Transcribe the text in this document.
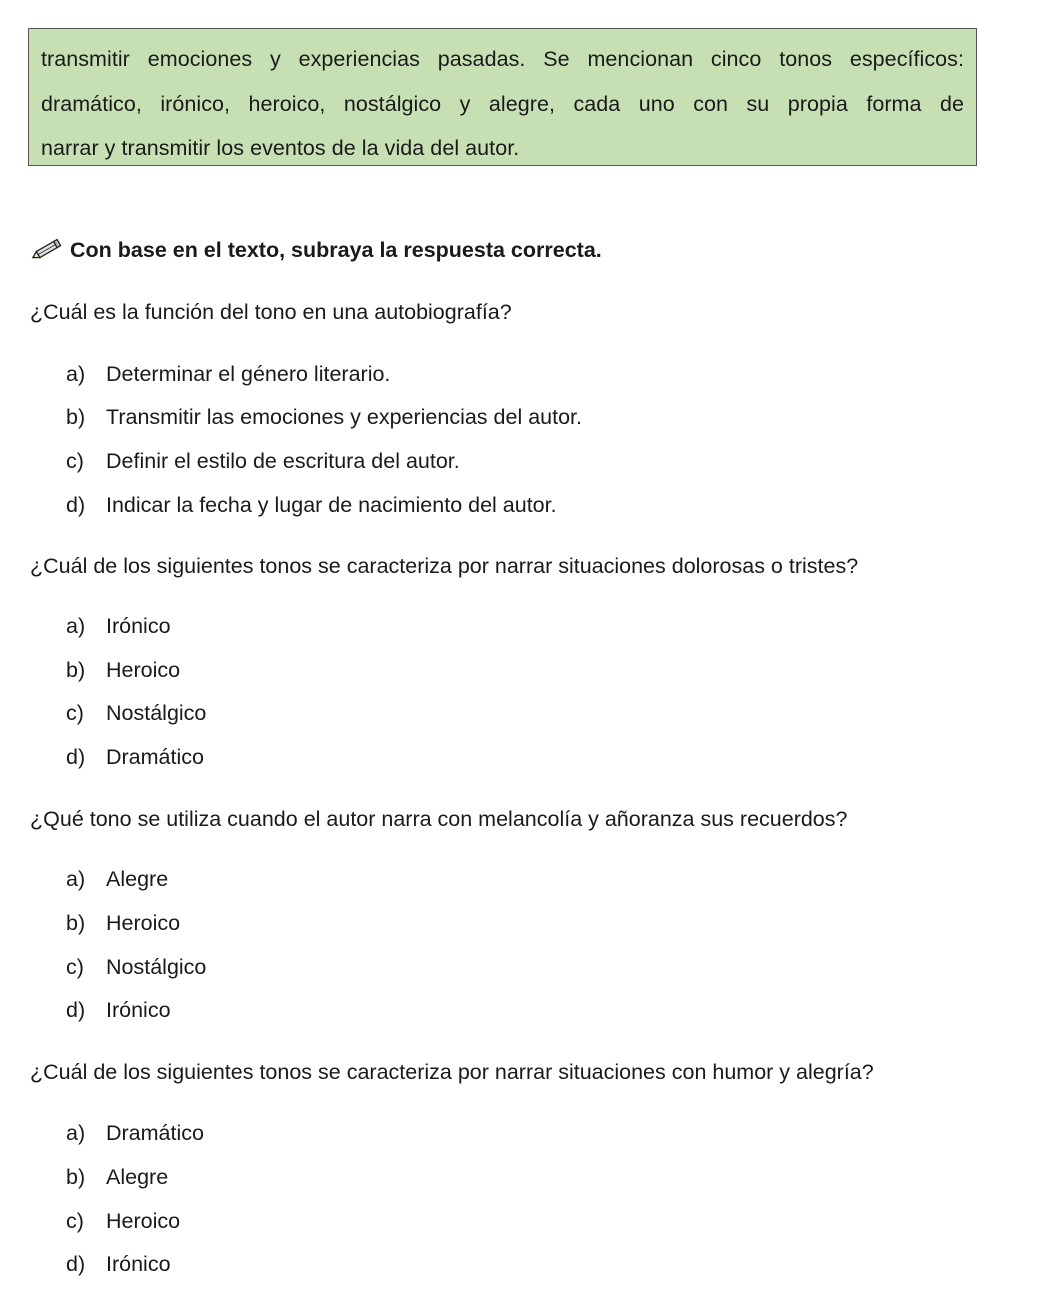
transmitir emociones y experiencias pasadas. Se mencionan cinco tonos específicos:
dramático, irónico, heroico, nostálgico y alegre, cada uno con su propia forma de
narrar y transmitir los eventos de la vida del autor.
Con base en el texto, subraya la respuesta correcta.
¿Cuál es la función del tono en una autobiografía?
a) Determinar el género literario.
b) Transmitir las emociones y experiencias del autor.
c)	Definir el estilo de escritura del autor.
d) Indicar la fecha y lugar de nacimiento del autor.
¿Cuál de los siguientes tonos se caracteriza por narrar situaciones dolorosas o tristes?
a) Irónico
b) Heroico
c)	Nostálgico
d) Dramático
¿Qué tono se utiliza cuando el autor narra con melancolía y añoranza sus recuerdos?
a) Alegre
b) Heroico
c)	Nostálgico
d) Irónico
¿Cuál de los siguientes tonos se caracteriza por narrar situaciones con humor y alegría?
a) Dramático
b) Alegre
c)	Heroico
d) Irónico
